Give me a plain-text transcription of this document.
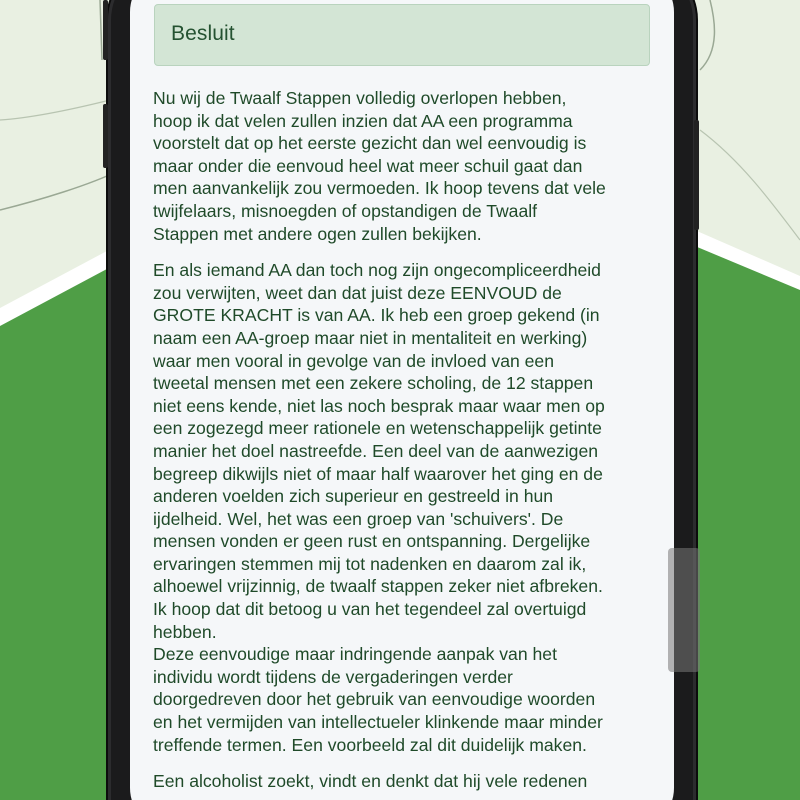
Besluit

Nu wij de Twaalf Stappen volledig overlopen hebben,
hoop ik dat velen zullen inzien dat AA een programma
voorstelt dat op het eerste gezicht dan wel eenvoudig is
maar onder die eenvoud heel wat meer schuil gaat dan
men aanvankelijk zou vermoeden. Ik hoop tevens dat vele
twijfelaars, misnoegden of opstandigen de Twaalf
Stappen met andere ogen zullen bekijken.

En als iemand AA dan toch nog zijn ongecompliceerdheid
zou verwijten, weet dan dat juist deze EENVOUD de
GROTE KRACHT is van AA. Ik heb een groep gekend (in
naam een AA-groep maar niet in mentaliteit en werking)
waar men vooral in gevolge van de invloed van een
tweetal mensen met een zekere scholing, de 12 stappen
niet eens kende, niet las noch besprak maar waar men op
een zogezegd meer rationele en wetenschappelijk getinte
manier het doel nastreefde. Een deel van de aanwezigen
begreep dikwijls niet of maar half waarover het ging en de
anderen voelden zich superieur en gestreeld in hun
ijdelheid. Wel, het was een groep van 'schuivers'. De
mensen vonden er geen rust en ontspanning. Dergelijke
ervaringen stemmen mij tot nadenken en daarom zal ik,
alhoewel vrijzinnig, de twaalf stappen zeker niet afbreken.
Ik hoop dat dit betoog u van het tegendeel zal overtuigd
hebben.
Deze eenvoudige maar indringende aanpak van het
individu wordt tijdens de vergaderingen verder
doorgedreven door het gebruik van eenvoudige woorden
en het vermijden van intellectueler klinkende maar minder
treffende termen. Een voorbeeld zal dit duidelijk maken.

Een alcoholist zoekt, vindt en denkt dat hij vele redenen
